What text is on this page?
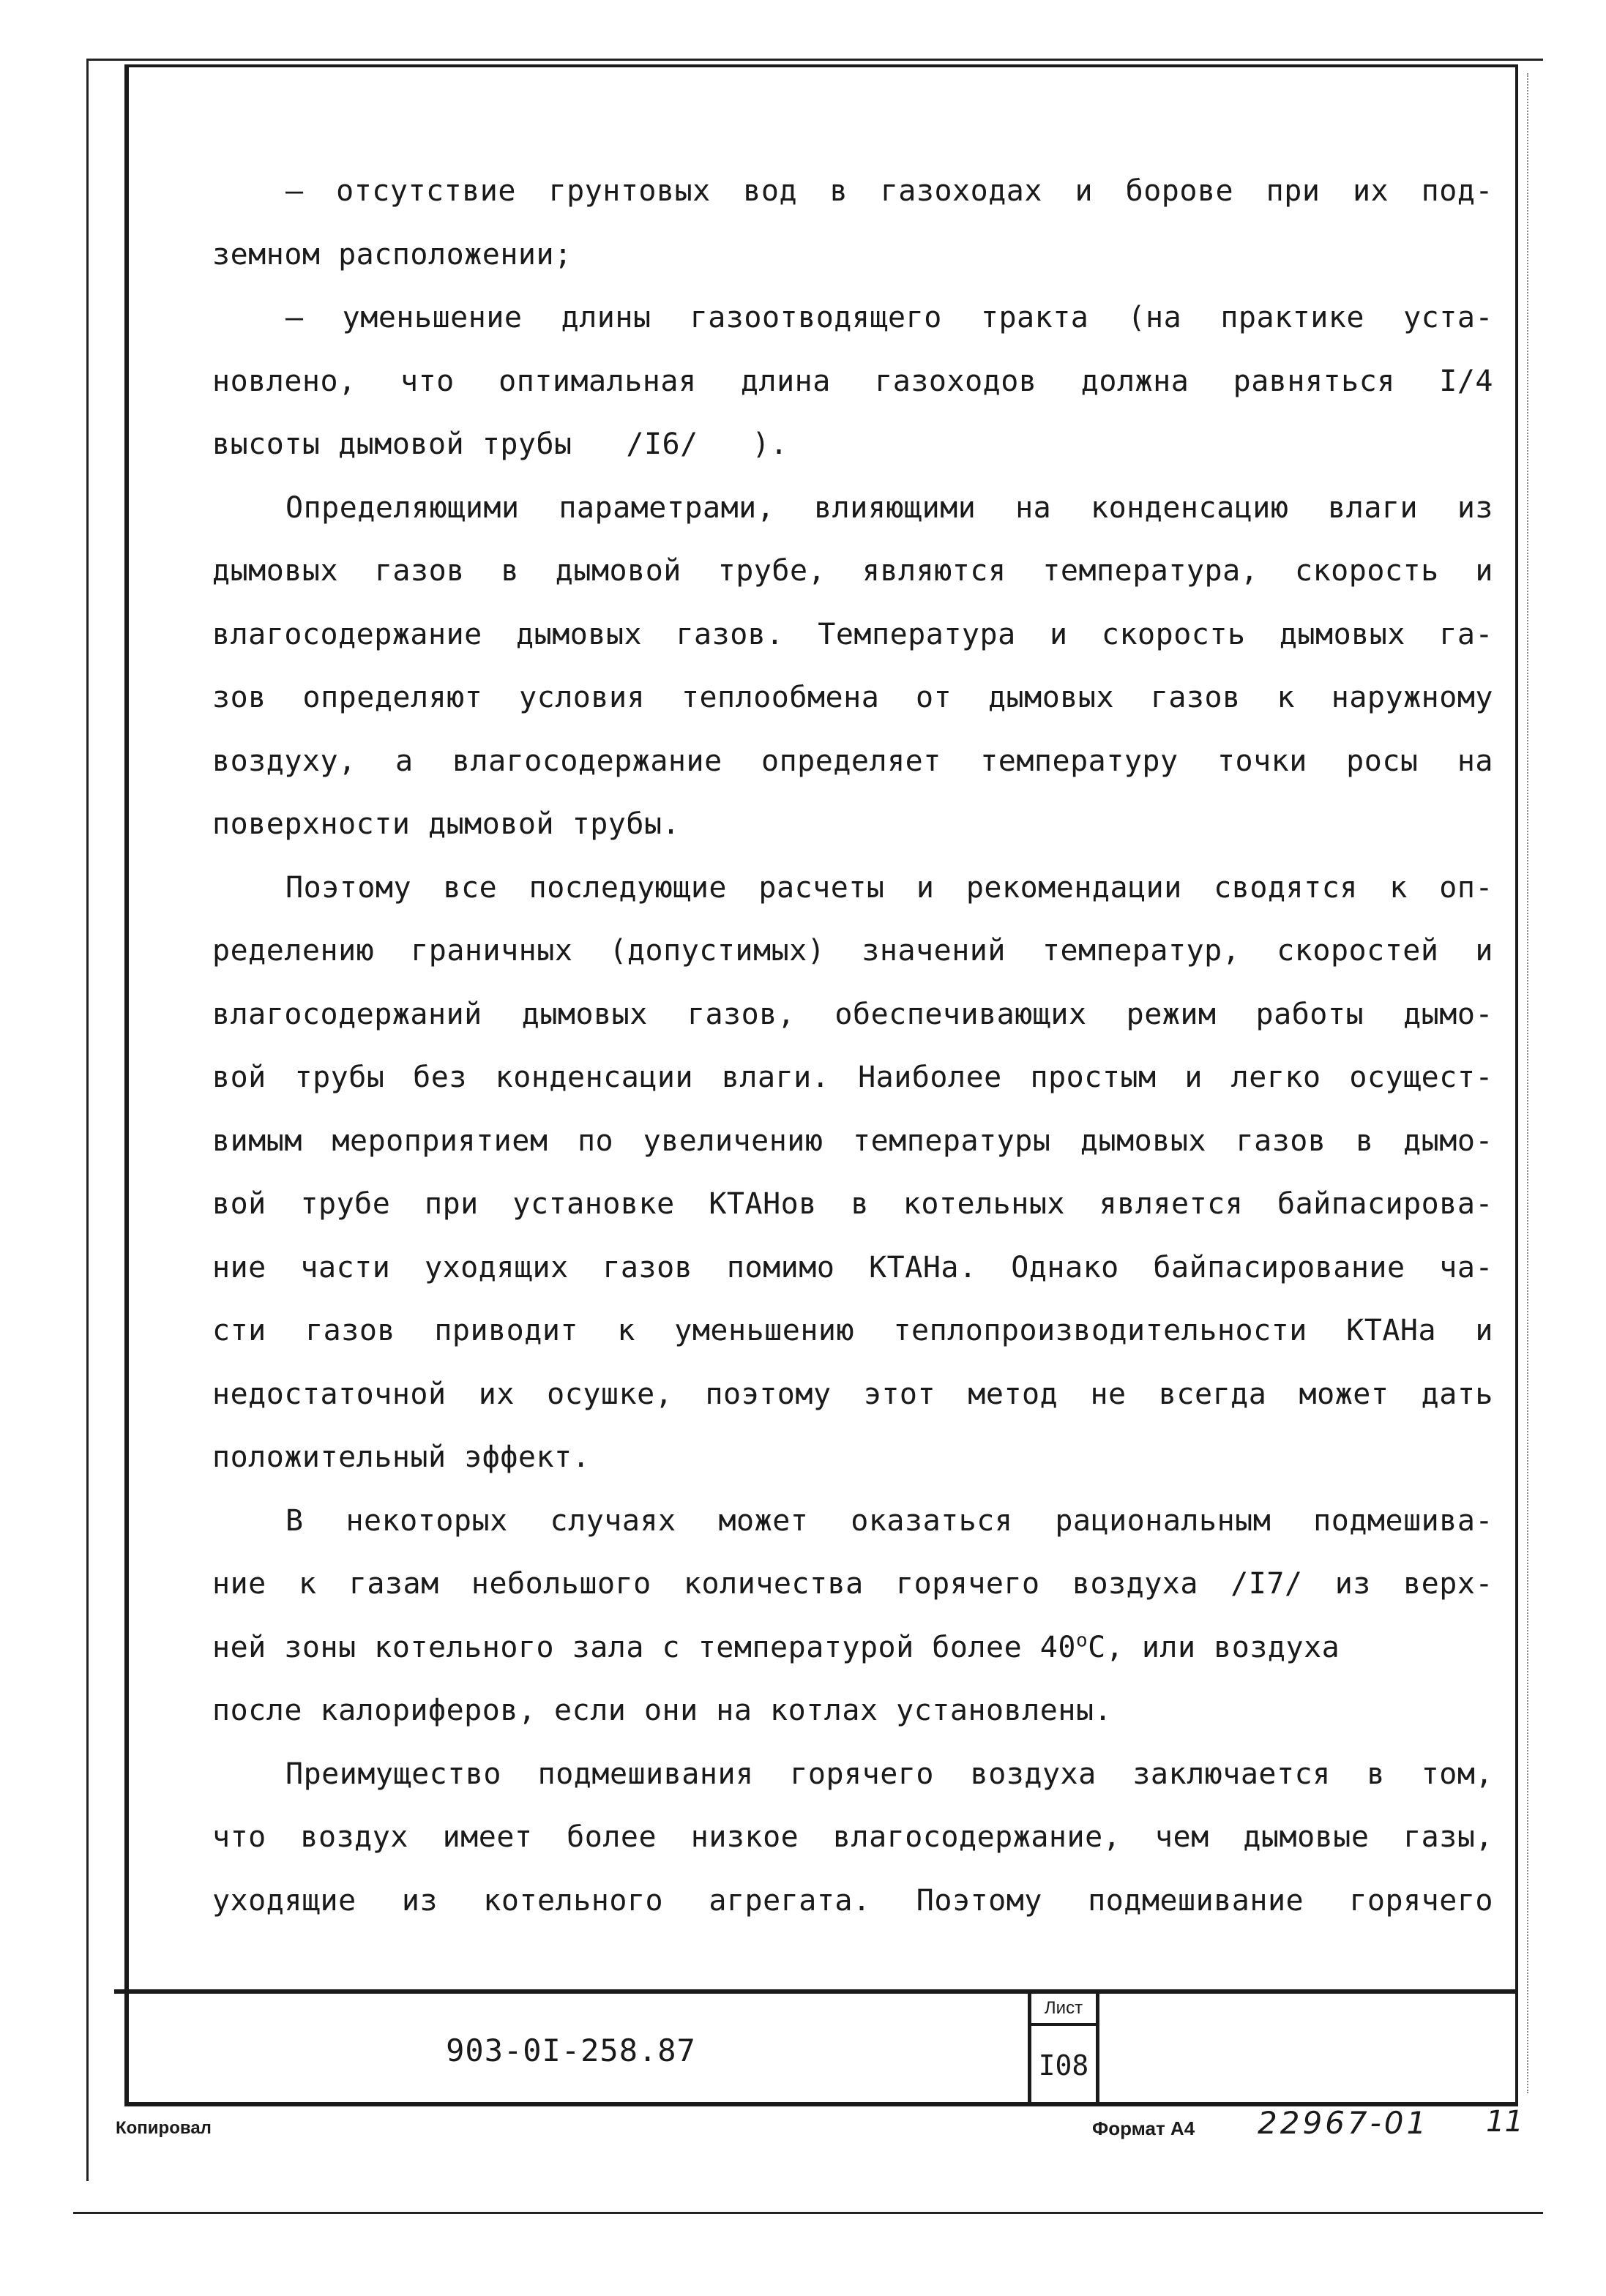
– отсутствие грунтовых вод в газоходах и борове при их под-
земном расположении;
– уменьшение длины газоотводящего тракта (на практике уста-
новлено, что оптимальная длина газоходов должна равняться I/4
высоты дымовой трубы   /I6/   ).
Определяющими параметрами, влияющими на конденсацию влаги из
дымовых газов в дымовой трубе, являются температура, скорость и
влагосодержание дымовых газов. Температура и скорость дымовых га-
зов определяют условия теплообмена от дымовых газов к наружному
воздуху, а влагосодержание определяет температуру точки росы на
поверхности дымовой трубы.
Поэтому все последующие расчеты и рекомендации сводятся к оп-
ределению граничных (допустимых) значений температур, скоростей и
влагосодержаний дымовых газов, обеспечивающих режим работы дымо-
вой трубы без конденсации влаги. Наиболее простым и легко осущест-
вимым мероприятием по увеличению температуры дымовых газов в дымо-
вой трубе при установке КТАНов в котельных является байпасирова-
ние части уходящих газов помимо КТАНа. Однако байпасирование ча-
сти газов приводит к уменьшению теплопроизводительности КТАНа и
недостаточной их осушке, поэтому этот метод не всегда может дать
положительный эффект.
В некоторых случаях может оказаться рациональным подмешива-
ние к газам небольшого количества горячего воздуха /I7/ из верх-
ней зоны котельного зала с температурой более $40^оС$, или воздуха
после калориферов, если они на котлах установлены.
Преимущество подмешивания горячего воздуха заключается в том,
что воздух имеет более низкое влагосодержание, чем дымовые газы,
уходящие из котельного агрегата. Поэтому подмешивание горячего
903-0I-258.87
Лист
I08
Копировал	Формат А4 22967-01 11
